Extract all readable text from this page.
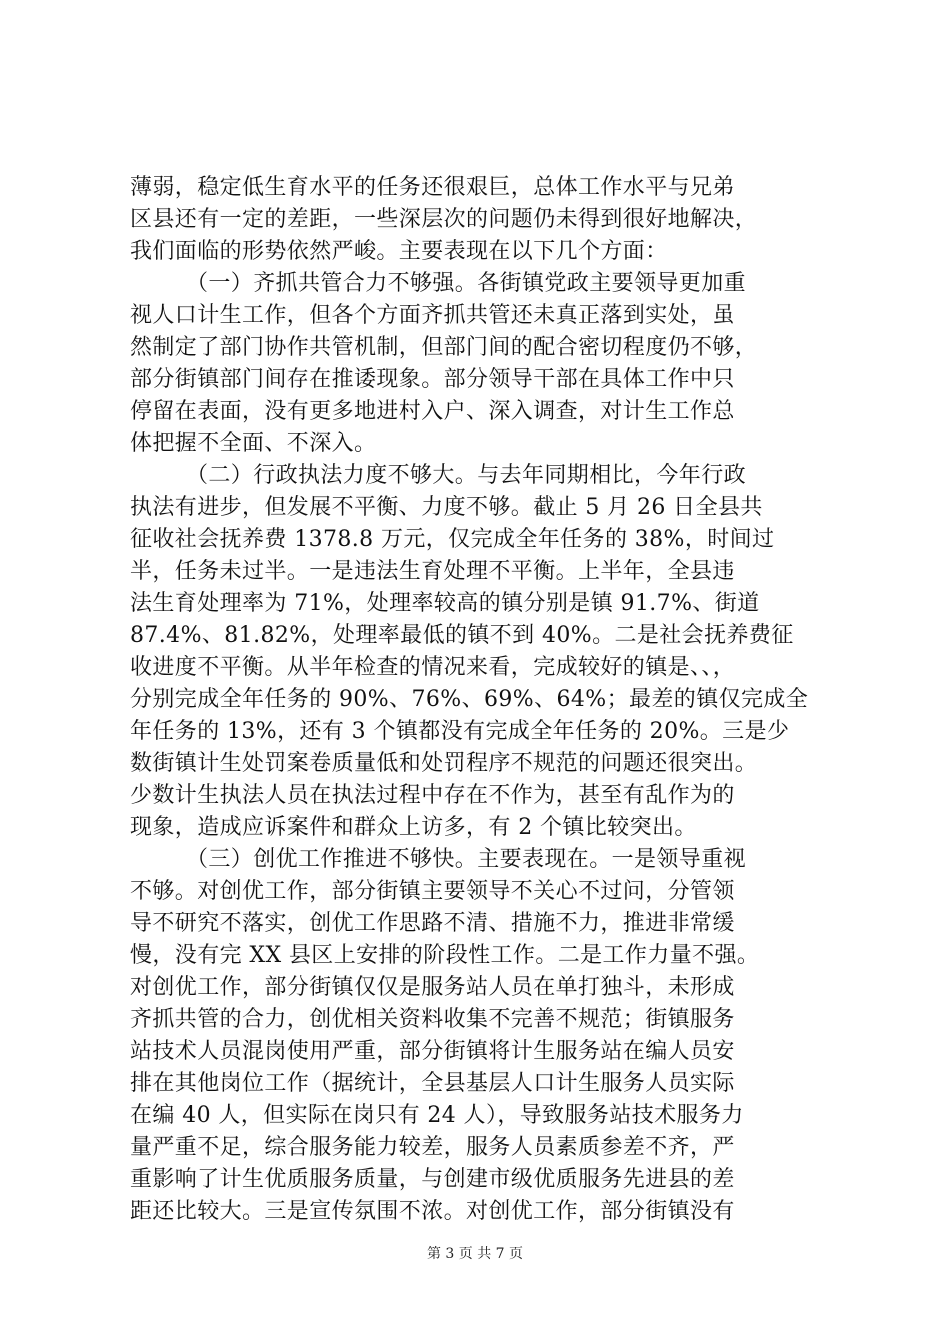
薄弱，稳定低生育水平的任务还很艰巨，总体工作水平与兄弟
区县还有一定的差距，一些深层次的问题仍未得到很好地解决，
我们面临的形势依然严峻。主要表现在以下几个方面：
（一）齐抓共管合力不够强。各街镇党政主要领导更加重
视人口计生工作，但各个方面齐抓共管还未真正落到实处，虽
然制定了部门协作共管机制，但部门间的配合密切程度仍不够，
部分街镇部门间存在推诿现象。部分领导干部在具体工作中只
停留在表面，没有更多地进村入户、深入调查，对计生工作总
体把握不全面、不深入。
（二）行政执法力度不够大。与去年同期相比，今年行政
执法有进步，但发展不平衡、力度不够。截止 5 月 26 日全县共
征收社会抚养费 1378.8 万元，仅完成全年任务的 38%，时间过
半，任务未过半。一是违法生育处理不平衡。上半年，全县违
法生育处理率为 71%，处理率较高的镇分别是镇 91.7%、街道
87.4%、81.82%，处理率最低的镇不到 40%。二是社会抚养费征
收进度不平衡。从半年检查的情况来看，完成较好的镇是、、，
分别完成全年任务的 90%、76%、69%、64%；最差的镇仅完成全
年任务的 13%，还有 3 个镇都没有完成全年任务的 20%。三是少
数街镇计生处罚案卷质量低和处罚程序不规范的问题还很突出。
少数计生执法人员在执法过程中存在不作为，甚至有乱作为的
现象，造成应诉案件和群众上访多，有 2 个镇比较突出。
（三）创优工作推进不够快。主要表现在。一是领导重视
不够。对创优工作，部分街镇主要领导不关心不过问，分管领
导不研究不落实，创优工作思路不清、措施不力，推进非常缓
慢，没有完 XX 县区上安排的阶段性工作。二是工作力量不强。
对创优工作，部分街镇仅仅是服务站人员在单打独斗，未形成
齐抓共管的合力，创优相关资料收集不完善不规范；街镇服务
站技术人员混岗使用严重，部分街镇将计生服务站在编人员安
排在其他岗位工作（据统计，全县基层人口计生服务人员实际
在编 40 人，但实际在岗只有 24 人），导致服务站技术服务力
量严重不足，综合服务能力较差，服务人员素质参差不齐，严
重影响了计生优质服务质量，与创建市级优质服务先进县的差
距还比较大。三是宣传氛围不浓。对创优工作，部分街镇没有
第 3 页 共 7 页
